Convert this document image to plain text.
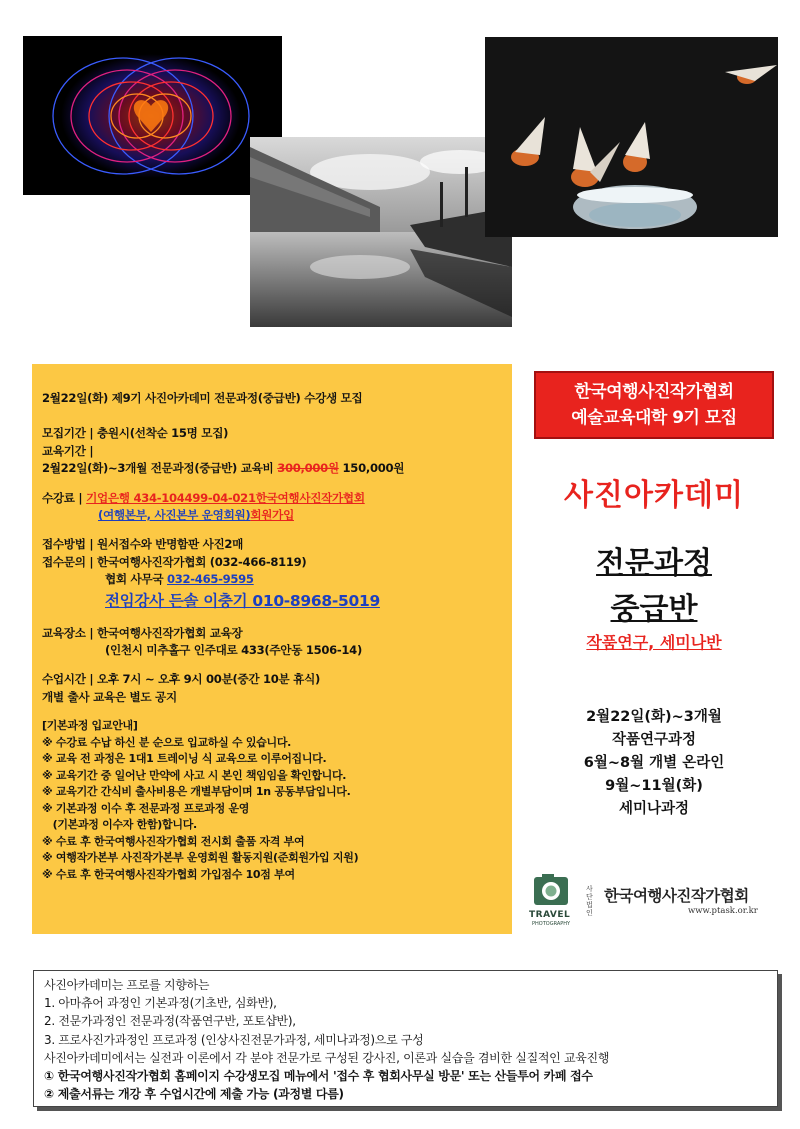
2월22일(화) 제9기 사진아카데미 전문과정(중급반) 수강생 모집
모집기간 | 충원시(선착순 15명 모집)
교육기간 |
2월22일(화)~3개월 전문과정(중급반) 교육비 300,000원 150,000원
수강료 | 기업은행 434-104499-04-021한국여행사진작가협회
(여행본부, 사진본부 운영회원)회원가입
접수방법 | 원서접수와 반명함판 사진2매
접수문의 | 한국여행사진작가협회 (032-466-8119)
협회 사무국 032-465-9595
전임강사 든솔 이충기 010-8968-5019
교육장소 | 한국여행사진작가협회 교육장
(인천시 미추홀구 인주대로 433(주안동 1506-14)
수업시간 | 오후 7시 ~ 오후 9시 00분(중간 10분 휴식)
개별 출사 교육은 별도 공지
[기본과정 입교안내]
※ 수강료 수납 하신 분 순으로 입교하실 수 있습니다.
※ 교육 전 과정은 1대1 트레이닝 식 교육으로 이루어집니다.
※ 교육기간 중 일어난 만약에 사고 시 본인 책임임을 확인합니다.
※ 교육기간 간식비 출사비용은 개별부담이며 1n 공동부담입니다.
※ 기본과정 이수 후 전문과정 프로과정 운영
(기본과정 이수자 한함)합니다.
※ 수료 후 한국여행사진작가협회 전시회 출품 자격 부여
※ 여행작가본부 사진작가본부 운영회원 활동지원(준회원가입 지원)
※ 수료 후 한국여행사진작가협회 가입점수 10점 부여
한국여행사진작가협회
예술교육대학 9기 모집
사진아카데미
전문과정
중급반
작품연구, 세미나반
2월22일(화)~3개월
작품연구과정
6월~8월 개별 온라인
9월~11월(화)
세미나과정
TRAVEL
PHOTOGRAPHY
사단법인
한국여행사진작가협회
www.ptask.or.kr
사진아카데미는 프로를 지향하는
1. 아마츄어 과정인 기본과정(기초반, 심화반),
2. 전문가과정인 전문과정(작품연구반, 포토샵반),
3. 프로사진가과정인 프로과정 (인상사진전문가과정, 세미나과정)으로 구성
사진아카데미에서는 실전과 이론에서 각 분야 전문가로 구성된 강사진, 이론과 실습을 겸비한 실질적인 교육진행
① 한국여행사진작가협회 홈페이지 수강생모집 메뉴에서 '접수 후 협회사무실 방문' 또는 산들투어 카페 접수
② 제출서류는 개강 후 수업시간에 제출 가능 (과정별 다름)
